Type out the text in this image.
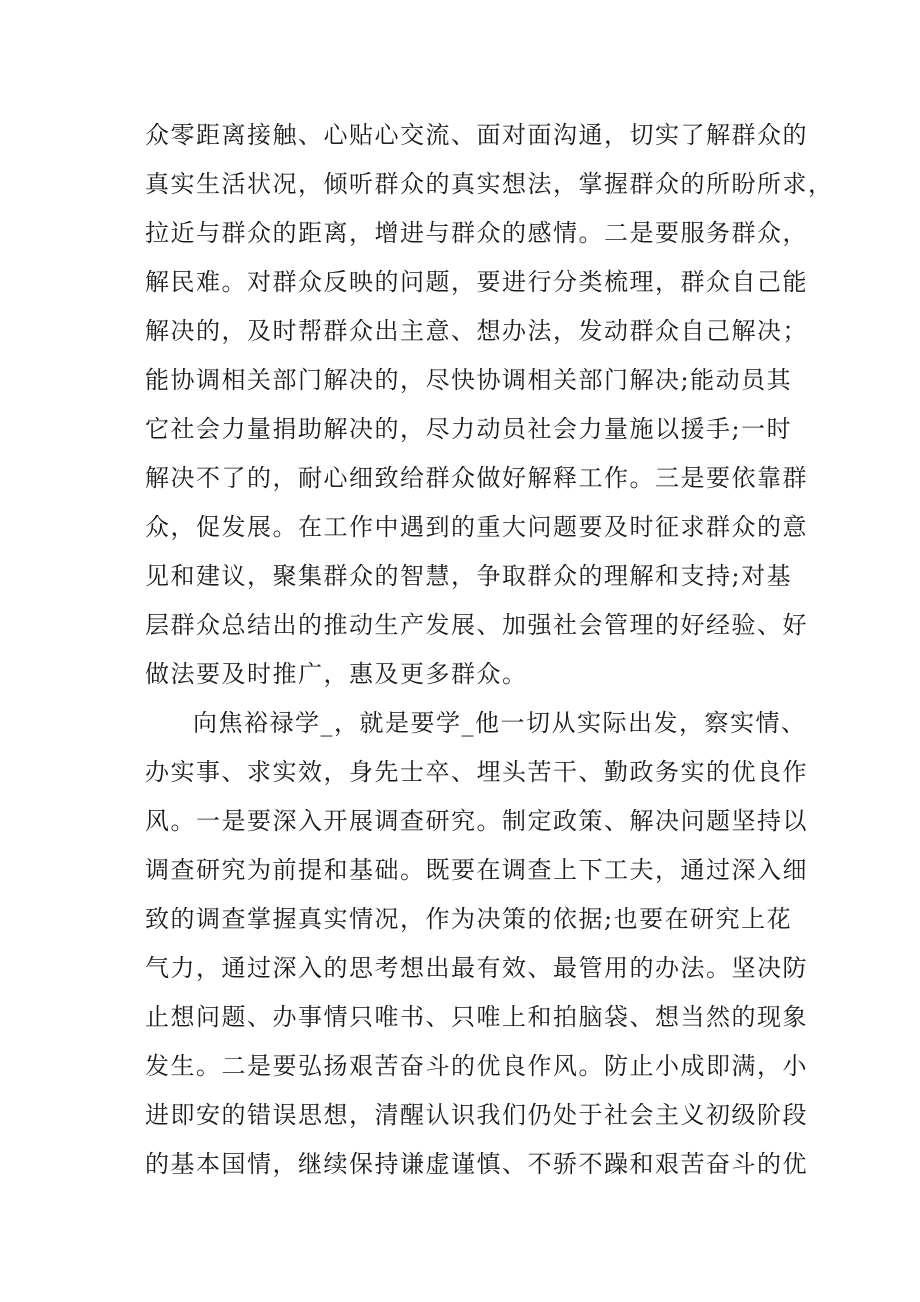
众零距离接触、心贴心交流、面对面沟通，切实了解群众的
真实生活状况，倾听群众的真实想法，掌握群众的所盼所求，
拉近与群众的距离，增进与群众的感情。二是要服务群众，
解民难。对群众反映的问题，要进行分类梳理，群众自己能
解决的，及时帮群众出主意、想办法，发动群众自己解决；
能协调相关部门解决的，尽快协调相关部门解决;能动员其
它社会力量捐助解决的，尽力动员社会力量施以援手;一时
解决不了的，耐心细致给群众做好解释工作。三是要依靠群
众，促发展。在工作中遇到的重大问题要及时征求群众的意
见和建议，聚集群众的智慧，争取群众的理解和支持;对基
层群众总结出的推动生产发展、加强社会管理的好经验、好
做法要及时推广，惠及更多群众。
向焦裕禄学_，就是要学_他一切从实际出发，察实情、
办实事、求实效，身先士卒、埋头苦干、勤政务实的优良作
风。一是要深入开展调查研究。制定政策、解决问题坚持以
调查研究为前提和基础。既要在调查上下工夫，通过深入细
致的调查掌握真实情况，作为决策的依据;也要在研究上花
气力，通过深入的思考想出最有效、最管用的办法。坚决防
止想问题、办事情只唯书、只唯上和拍脑袋、想当然的现象
发生。二是要弘扬艰苦奋斗的优良作风。防止小成即满，小
进即安的错误思想，清醒认识我们仍处于社会主义初级阶段
的基本国情，继续保持谦虚谨慎、不骄不躁和艰苦奋斗的优
